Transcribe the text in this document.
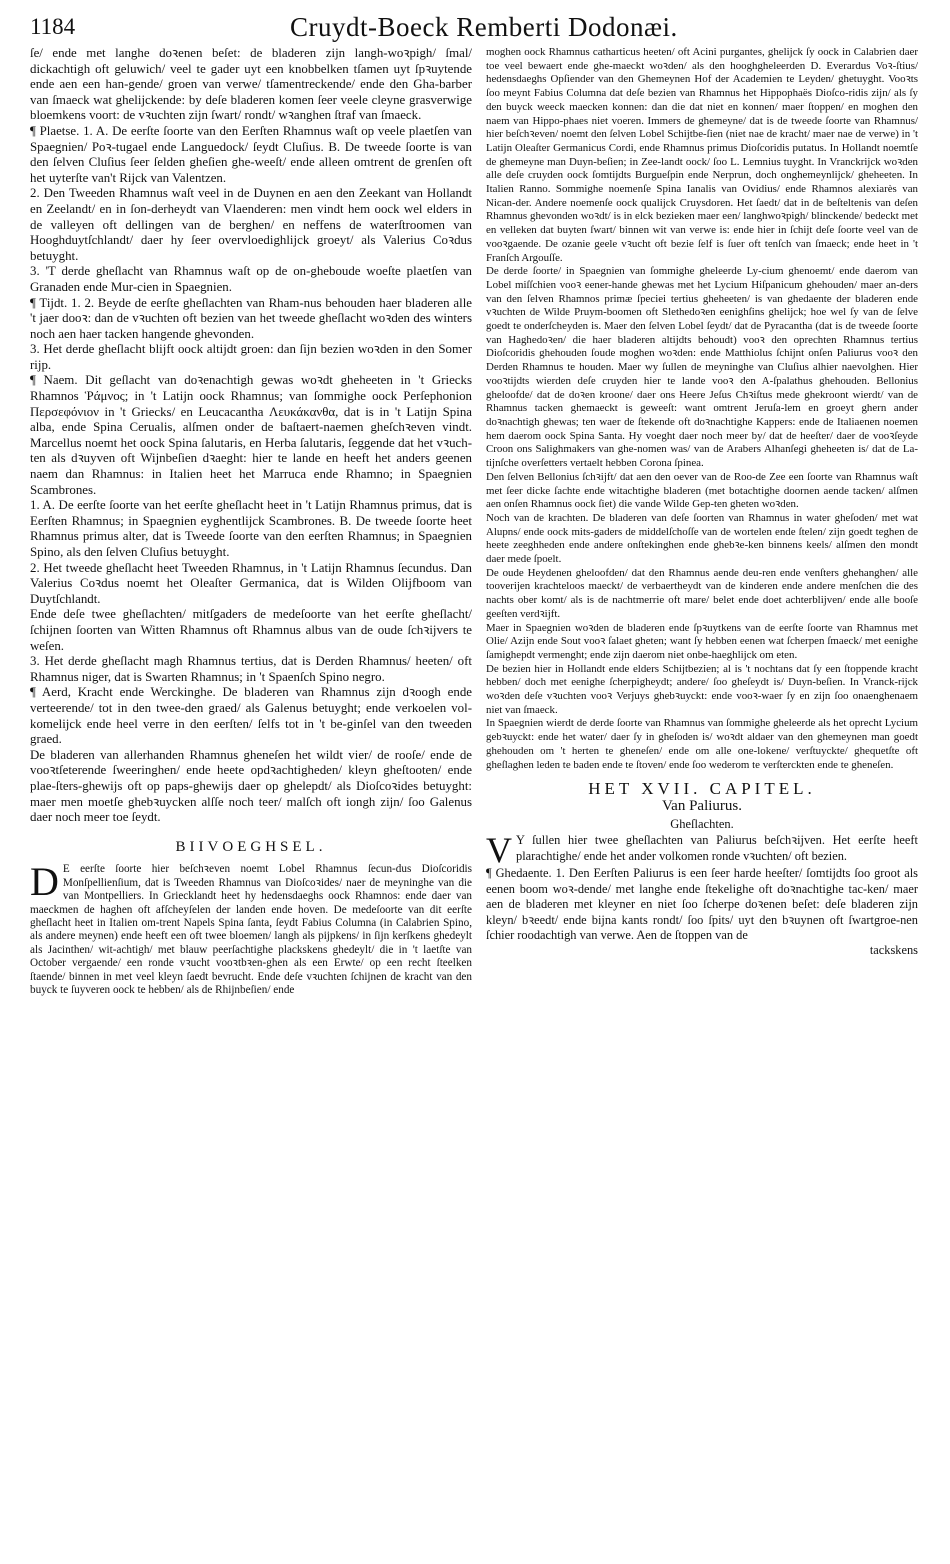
1184	Cruydt-Boeck Remberti Dodonæi.

ſe/ ende met langhe doꝛenen beſet: de bladeren zijn langh-woꝛpigh/ ſmal/ dickachtigh oft geluwich/ veel te gader uyt een knobbelken tſamen uyt ſpꝛuytende ende aen een han-gende/ groen van verwe/ tſamentreckende/ ende den Gha-barber van ſmaeck wat ghelijckende: by deſe bladeren komen ſeer veele cleyne grasverwige bloemkens voort: de vꝛuchten zijn ſwart/ rondt/ wꝛanghen ſtraf van ſmaeck.

¶ Plaetse. 1. A. De eerſte ſoorte van den Eerſten Rhamnus waſt op veele plaetſen van Spaegnien/ Poꝛ-tugael ende Languedock/ ſeydt Cluſius. B. De tweede ſoorte is van den ſelven Cluſius ſeer ſelden gheſien ghe-weeſt/ ende alleen omtrent de grenſen oft het uyterſte van't Rijck van Valentzen.

2. Den Tweeden Rhamnus waſt veel in de Duynen en aen den Zeekant van Hollandt en Zeelandt/ en in ſon-derheydt van Vlaenderen: men vindt hem oock wel elders in de valleyen oft dellingen van de berghen/ en neffens de waterſtroomen van Hooghduytſchlandt/ daer hy ſeer overvloedighlijck groeyt/ als Valerius Coꝛdus betuyght.

3. 'T derde gheſlacht van Rhamnus waſt op de on-gheboude woeſte plaetſen van Granaden ende Mur-cien in Spaegnien.

¶ Tijdt. 1. 2. Beyde de eerſte gheſlachten van Rham-nus behouden haer bladeren alle 't jaer dooꝛ: dan de vꝛuchten oft bezien van het tweede gheſlacht woꝛden des winters noch aen haer tacken hangende ghevonden.

3. Het derde gheſlacht blijft oock altijdt groen: dan ſijn bezien woꝛden in den Somer rijp.

¶ Naem. Dit geſlacht van doꝛenachtigh gewas woꝛdt gheheeten in 't Griecks Rhamnos Ῥάμνος; in 't Latijn oock Rhamnus; van ſommighe oock Perſephonion Περσεφόνιον in 't Griecks/ en Leucacantha Λευκάκανθα, dat is in 't Latijn Spina alba, ende Spina Cerualis, alſmen onder de baſtaert-naemen gheſchꝛeven vindt. Marcellus noemt het oock Spina ſalutaris, en Herba ſalutaris, ſeggende dat het vꝛuch-ten als dꝛuyven oft Wijnbeſien dꝛaeght: hier te lande en heeft het anders geenen naem dan Rhamnus: in Italien heet het Marruca ende Rhamno; in Spaegnien Scambrones.

1. A. De eerſte ſoorte van het eerſte gheſlacht heet in 't Latijn Rhamnus primus, dat is Eerſten Rhamnus; in Spaegnien eyghentlijck Scambrones. B. De tweede ſoorte heet Rhamnus primus alter, dat is Tweede ſoorte van den eerſten Rhamnus; in Spaegnien Spino, als den ſelven Cluſius betuyght.

2. Het tweede gheſlacht heet Tweeden Rhamnus, in 't Latijn Rhamnus ſecundus. Dan Valerius Coꝛdus noemt het Oleaſter Germanica, dat is Wilden Olijfboom van Duytſchlandt.

Ende deſe twee gheſlachten/ mitſgaders de medeſoorte van het eerſte gheſlacht/ ſchijnen ſoorten van Witten Rhamnus oft Rhamnus albus van de oude ſchꝛijvers te weſen.

3. Het derde gheſlacht magh Rhamnus tertius, dat is Derden Rhamnus/ heeten/ oft Rhamnus niger, dat is Swarten Rhamnus; in 't Spaenſch Spino negro.

¶ Aerd, Kracht ende Werckinghe. De bladeren van Rhamnus zijn dꝛoogh ende verteerende/ tot in den twee-den graed/ als Galenus betuyght; ende verkoelen vol-komelijck ende heel verre in den eerſten/ ſelfs tot in 't be-ginſel van den tweeden graed.

De bladeren van allerhanden Rhamnus gheneſen het wildt vier/ de rooſe/ ende de vooꝛtſeterende ſweeringhen/ ende heete opdꝛachtigheden/ kleyn gheſtooten/ ende plae-ſters-ghewijs oft op paps-ghewijs daer op ghelepdt/ als Dioſcoꝛides betuyght: maer men moetſe ghebꝛuycken alſſe noch teer/ malſch oft iongh zijn/ ſoo Galenus daer noch meer toe ſeydt.

BIIVOEGHSEL.

D E eerſte ſoorte hier beſchꝛeven noemt Lobel Rhamnus ſecun-dus Dioſcoridis Monſpellienſium, dat is Tweeden Rhamnus van Dioſcoꝛides/ naer de meyninghe van die van Montpelliers. In Griecklandt heet hy hedensdaeghs oock Rhamnos: ende daer van maeckmen de haghen oft afſcheyſelen der landen ende hoven. De medeſoorte van dit eerſte gheſlacht heet in Italien om-trent Napels Spina ſanta, ſeydt Fabius Columna (in Calabrien Spino, als andere meynen) ende heeft een oft twee bloemen/ langh als pijpkens/ in ſijn kerſkens ghedeylt als Jacinthen/ wit-achtigh/ met blauw peerſachtighe plackskens ghedeylt/ die in 't laetſte van October vergaende/ een ronde vꝛucht vooꝛtbꝛen-ghen als een Erwte/ op een recht ſteelken ſtaende/ binnen in met veel kleyn ſaedt bevrucht. Ende deſe vꝛuchten ſchijnen de kracht van den buyck te ſuyveren oock te hebben/ als de Rhijnbeſien/ ende

moghen oock Rhamnus catharticus heeten/ oft Acini purgantes, ghelijck ſy oock in Calabrien daer toe veel bewaert ende ghe-maeckt woꝛden/ als den hooghgheleerden D. Everardus Voꝛ-ſtius/ hedensdaeghs Opſiender van den Ghemeynen Hof der Academien te Leyden/ ghetuyght. Vooꝛts ſoo meynt Fabius Columna dat deſe bezien van Rhamnus het Hippophaës Dioſco-ridis zijn/ als ſy den buyck weeck maecken konnen: dan die dat niet en konnen/ maer ſtoppen/ en moghen den naem van Hippo-phaes niet voeren. Immers de ghemeyne/ dat is de tweede ſoorte van Rhamnus/ hier beſchꝛeven/ noemt den ſelven Lobel Schijtbe-ſien (niet nae de kracht/ maer nae de verwe) in 't Latijn Oleaſter Germanicus Cordi, ende Rhamnus primus Dioſcoridis putatus. In Hollandt noemtſe de ghemeyne man Duyn-beſien; in Zee-landt oock/ ſoo L. Lemnius tuyght. In Vranckrijck woꝛden alle deſe cruyden oock ſomtijdts Burgueſpin ende Nerprun, doch onghemeynlijck/ gheheeten. In Italien Ranno. Sommighe noemenſe Spina Ianalis van Ovidius/ ende Rhamnos alexiarès van Nican-der. Andere noemenſe oock qualijck Cruysdoren. Het ſaedt/ dat in de beſteltenis van deſen Rhamnus ghevonden woꝛdt/ is in elck bezieken maer een/ langhwoꝛpigh/ blinckende/ bedeckt met en velleken dat buyten ſwart/ binnen wit van verwe is: ende hier in ſchijt deſe ſoorte veel van de vooꝛgaende. De ozanie geele vꝛucht oft bezie ſelf is ſuer oft tenſch van ſmaeck; ende heet in 't Franſch Argouſſe.

De derde ſoorte/ in Spaegnien van ſommighe gheleerde Ly-cium ghenoemt/ ende daerom van Lobel miſſchien vooꝛ eener-hande ghewas met het Lycium Hiſpanicum ghehouden/ maer an-ders van den ſelven Rhamnos primæ ſpeciei tertius gheheeten/ is van ghedaente der bladeren ende vꝛuchten de Wilde Pruym-boomen oft Slethedoꝛen eenighſins ghelijck; hoe wel ſy van de ſelve goedt te onderſcheyden is. Maer den ſelven Lobel ſeydt/ dat de Pyracantha (dat is de tweede ſoorte van Haghedoꝛen/ die haer bladeren altijdts behoudt) vooꝛ den oprechten Rhamnus tertius Dioſcoridis ghehouden ſoude moghen woꝛden: ende Matthiolus ſchijnt onſen Paliurus vooꝛ den Derden Rhamnus te houden. Maer wy ſullen de meyninghe van Cluſius alhier naevolghen. Hier vooꝛtijdts wierden deſe cruyden hier te lande vooꝛ den A-ſpalathus ghehouden. Bellonius gheloofde/ dat de doꝛen kroone/ daer ons Heere Jeſus Chꝛiſtus mede ghekroont wierdt/ van de Rhamnus tacken ghemaeckt is geweeſt: want omtrent Jeruſa-lem en groeyt ghern ander doꝛnachtigh ghewas; ten waer de ſtekende oft doꝛnachtighe Kappers: ende de Italiaenen noemen hem daerom oock Spina Santa. Hy voeght daer noch meer by/ dat de heeſter/ daer de vooꝛſeyde Croon ons Salighmakers van ghe-nomen was/ van de Arabers Alhanſegi gheheeten is/ dat de La-tijnſche overſetters vertaelt hebben Corona ſpinea.

Den ſelven Bellonius ſchꝛijft/ dat aen den oever van de Roo-de Zee een ſoorte van Rhamnus waſt met ſeer dicke ſachte ende witachtighe bladeren (met botachtighe doornen aende tacken/ alſmen aen onſen Rhamnus oock ſiet) die vande Wilde Gep-ten gheten woꝛden.

Noch van de krachten. De bladeren van deſe ſoorten van Rhamnus in water gheſoden/ met wat Alupns/ ende oock mits-gaders de middelſchoſſe van de wortelen ende ſtelen/ zijn goedt teghen de heete zeeghheden ende andere onſtekinghen ende ghebꝛe-ken binnens keels/ alſmen den mondt daer mede ſpoelt.

De oude Heydenen gheloofden/ dat den Rhamnus aende deu-ren ende venſters ghehanghen/ alle tooverijen krachteloos maeckt/ de verbaertheydt van de kinderen ende andere menſchen die des nachts ober komt/ als is de nachtmerrie oft mare/ belet ende doet achterblijven/ ende alle booſe geeſten verdꝛijft.

Maer in Spaegnien woꝛden de bladeren ende ſpꝛuytkens van de eerſte ſoorte van Rhamnus met Olie/ Azijn ende Sout vooꝛ ſalaet gheten; want ſy hebben eenen wat ſcherpen ſmaeck/ met eenighe ſamighepdt vermenght; ende zijn daerom niet onbe-haeghlijck om eten.

De bezien hier in Hollandt ende elders Schijtbezien; al is 't nochtans dat ſy een ſtoppende kracht hebben/ doch met eenighe ſcherpigheydt; andere/ ſoo gheſeydt is/ Duyn-beſien. In Vranck-rijck woꝛden deſe vꝛuchten vooꝛ Verjuys ghebꝛuyckt: ende vooꝛ-waer ſy en zijn ſoo onaenghenaem niet van ſmaeck.

In Spaegnien wierdt de derde ſoorte van Rhamnus van ſommighe gheleerde als het oprecht Lycium gebꝛuyckt: ende het water/ daer ſy in gheſoden is/ woꝛdt aldaer van den ghemeynen man goedt ghehouden om 't herten te gheneſen/ ende om alle one-lokene/ verſtuyckte/ ghequetſte oft gheſlaghen leden te baden ende te ſtoven/ ende ſoo wederom te verſterckten ende te gheneſen.

HET XVII. CAPITEL.
Van Paliurus.
Gheſlachten.

V Y ſullen hier twee gheſlachten van Paliurus beſchꝛijven. Het eerſte heeft plarachtighe/ ende het ander volkomen ronde vꝛuchten/ oft bezien.

¶ Ghedaente. 1. Den Eerſten Paliurus is een ſeer harde heeſter/ ſomtijdts ſoo groot als eenen boom woꝛ-dende/ met langhe ende ſtekelighe oft doꝛnachtighe tac-ken/ maer aen de bladeren met kleyner en niet ſoo ſcherpe doꝛenen beſet: deſe bladeren zijn kleyn/ bꝛeedt/ ende bijna kants rondt/ ſoo ſpits/ uyt den bꝛuynen oft ſwartgroe-nen ſchier roodachtigh van verwe. Aen de ſtoppen van de

tackskens
